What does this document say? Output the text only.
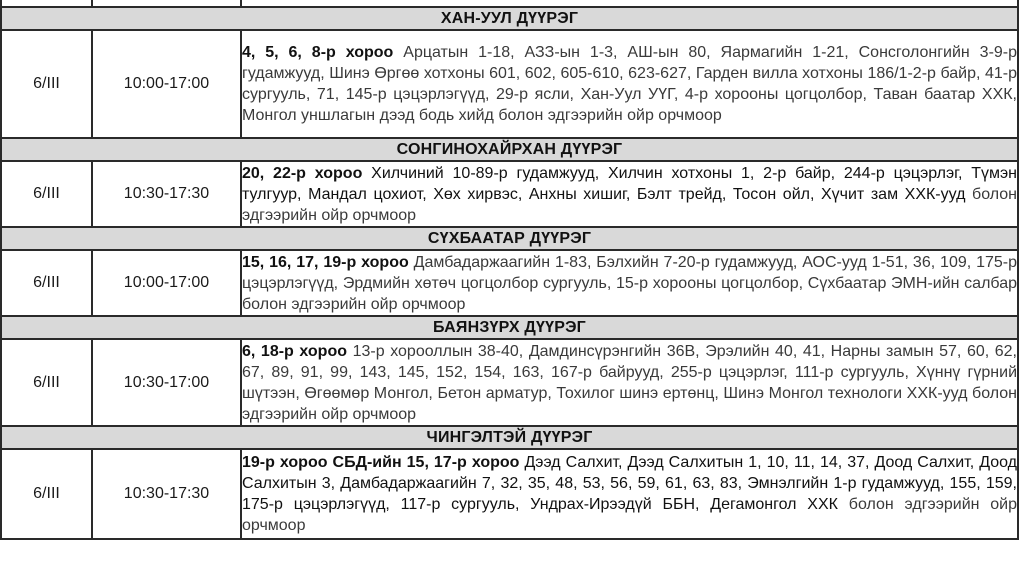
ХАН-УУЛ ДҮҮРЭГ		
6/III	10:00-17:00	4, 5, 6, 8-р хороо Арцатын 1-18, АЗЗ-ын 1-3, АШ-ын 80, Яармагийн 1-21, Сонсголонгийн 3-9-р гудамжууд, Шинэ Өргөө хотхоны 601, 602, 605-610, 623-627, Гарден вилла хотхоны 186/1-2-р байр, 41-р сургууль, 71, 145-р цэцэрлэгүүд, 29-р ясли, Хан-Уул УҮГ, 4-р хорооны цогцолбор, Таван баатар ХХК, Монгол уншлагын дээд бодь хийд болон эдгээрийн ойр орчмоор
СОНГИНОХАЙРХАН ДҮҮРЭГ		
6/III	10:30-17:30	20, 22-р хороо Хилчиний 10-89-р гудамжууд, Хилчин хотхоны 1, 2-р байр, 244-р цэцэрлэг, Түмэн тулгуур, Мандал цохиот, Хөх хирвэс, Анхны хишиг, Бэлт трейд, Тосон ойл, Хүчит зам ХХК-ууд болон эдгээрийн ойр орчмоор
СҮХБААТАР ДҮҮРЭГ		
6/III	10:00-17:00	15, 16, 17, 19-р хороо Дамбадаржаагийн 1-83, Бэлхийн 7-20-р гудамжууд, АОС-ууд 1-51, 36, 109, 175-р цэцэрлэгүүд, Эрдмийн хөтөч цогцолбор сургууль, 15-р хорооны цогцолбор, Сүхбаатар ЭМН-ийн салбар болон эдгээрийн ойр орчмоор
БАЯНЗҮРХ ДҮҮРЭГ		
6/III	10:30-17:00	6, 18-р хороо 13-р хорооллын 38-40, Дамдинсүрэнгийн 36В, Эрэлийн 40, 41, Нарны замын 57, 60, 62, 67, 89, 91, 99, 143, 145, 152, 154, 163, 167-р байрууд, 255-р цэцэрлэг, 111-р сургууль, Хүннү гүрний шүтээн, Өгөөмөр Монгол, Бетон арматур, Тохилог шинэ ертөнц, Шинэ Монгол технологи ХХК-ууд болон эдгээрийн ойр орчмоор
ЧИНГЭЛТЭЙ ДҮҮРЭГ		
6/III	10:30-17:30	19-р хороо СБД-ийн 15, 17-р хороо Дээд Салхит, Дээд Салхитын 1, 10, 11, 14, 37, Доод Салхит, Доод Салхитын 3, Дамбадаржаагийн 7, 32, 35, 48, 53, 56, 59, 61, 63, 83, Эмнэлгийн 1-р гудамжууд, 155, 159, 175-р цэцэрлэгүүд, 117-р сургууль, Ундрах-Ирээдүй ББН, Дегамонгол ХХК болон эдгээрийн ойр орчмоор
